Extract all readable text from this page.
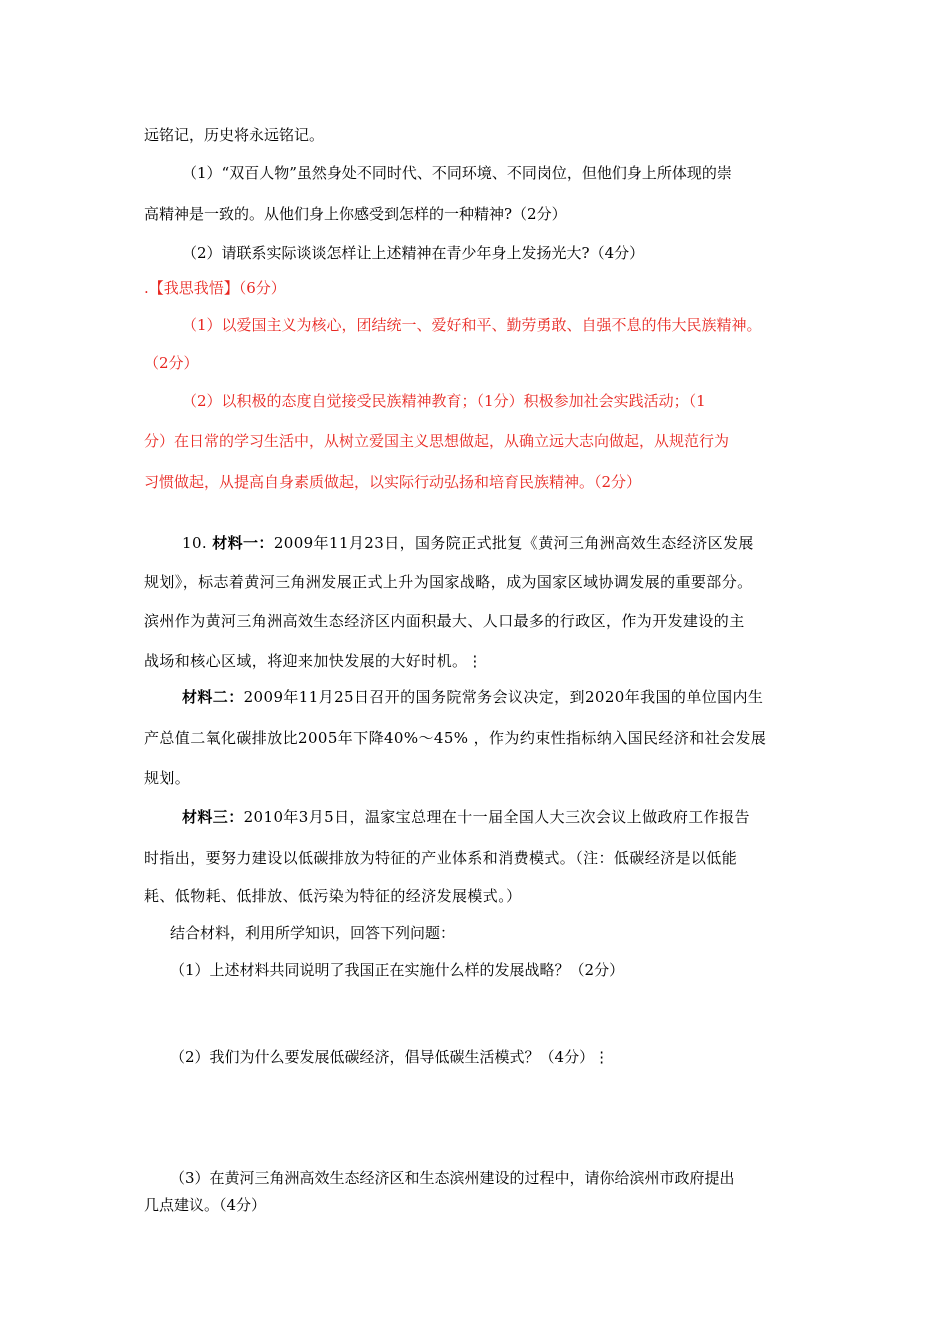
远铭记，历史将永远铭记。
（1）“双百人物”虽然身处不同时代、不同环境、不同岗位，但他们身上所体现的崇
高精神是一致的。从他们身上你感受到怎样的一种精神?（2分）
（2）请联系实际谈谈怎样让上述精神在青少年身上发扬光大?（4分）
.【我思我悟】（6分）
（1）以爱国主义为核心，团结统一、爱好和平、勤劳勇敢、自强不息的伟大民族精神。
（2分）
（2）以积极的态度自觉接受民族精神教育；（1分）积极参加社会实践活动；（1
分）在日常的学习生活中，从树立爱国主义思想做起，从确立远大志向做起，从规范行为
习惯做起，从提高自身素质做起，以实际行动弘扬和培育民族精神。（2分）
10. 材料一：2009年11月23日，国务院正式批复《黄河三角洲高效生态经济区发展
规划》，标志着黄河三角洲发展正式上升为国家战略，成为国家区域协调发展的重要部分。
滨州作为黄河三角洲高效生态经济区内面积最大、人口最多的行政区，作为开发建设的主
战场和核心区域，将迎来加快发展的大好时机。⋮
材料二：2009年11月25日召开的国务院常务会议决定，到2020年我国的单位国内生
产总值二氧化碳排放比2005年下降40%～45% ，作为约束性指标纳入国民经济和社会发展
规划。
材料三：2010年3月5日，温家宝总理在十一届全国人大三次会议上做政府工作报告
时指出，要努力建设以低碳排放为特征的产业体系和消费模式。（注：低碳经济是以低能
耗、低物耗、低排放、低污染为特征的经济发展模式。）
结合材料，利用所学知识，回答下列问题：
（1）上述材料共同说明了我国正在实施什么样的发展战略？（2分）
（2）我们为什么要发展低碳经济，倡导低碳生活模式？（4分）⋮
（3）在黄河三角洲高效生态经济区和生态滨州建设的过程中，请你给滨州市政府提出
几点建议。（4分）
